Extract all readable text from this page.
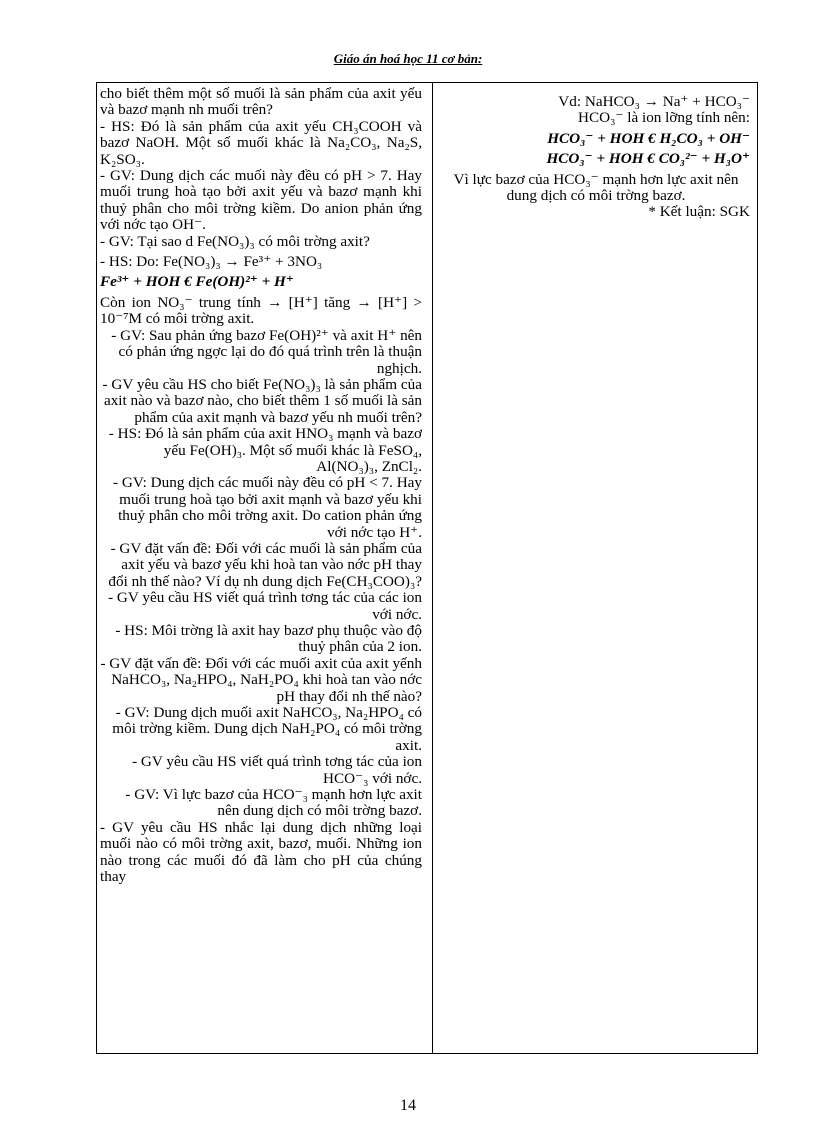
Giáo án hoá học 11 cơ bản:

cho biết thêm một số muối là sản phẩm của axit yếu và bazơ mạnh nh muối trên?

- HS: Đó là sản phẩm của axit yếu CH₃COOH và bazơ NaOH. Một số muối khác là Na₂CO₃, Na₂S, K₂SO₃.

- GV: Dung dịch các muối này đều có pH > 7. Hay muối trung hoà tạo bởi axit yếu và bazơ mạnh khi thuỷ phân cho môi trờng kiềm. Do anion phản ứng với nớc tạo OH⁻.

- GV: Tại sao d Fe(NO₃)₃ có môi trờng axit?

- HS: Do: Fe(NO₃)₃ → Fe³⁺ + 3NO₃

Fe³⁺ + HOH € Fe(OH)²⁺ + H⁺

Còn ion NO₃⁻ trung tính → [H⁺] tăng → [H⁺] > 10⁻⁷M có môi trờng axit.

- GV: Sau phản ứng bazơ Fe(OH)²⁺ và axit H⁺ nên có phản ứng ngợc lại do đó quá trình trên là thuận nghịch.

- GV yêu cầu HS cho biết Fe(NO₃)₃ là sản phẩm của axit nào và bazơ nào, cho biết thêm 1 số muối là sản phẩm của axit mạnh và bazơ yếu nh muối trên?

- HS: Đó là sản phẩm của axit HNO₃ mạnh và bazơ yếu Fe(OH)₃. Một số muối khác là FeSO₄, Al(NO₃)₃, ZnCl₂.

- GV: Dung dịch các muối này đều có pH < 7. Hay muối trung hoà tạo bởi axit mạnh và bazơ yếu khi thuỷ phân cho môi trờng axit. Do cation phản ứng với nớc tạo H⁺.

- GV đặt vấn đề: Đối với các muối là sản phẩm của axit yếu và bazơ yếu khi hoà tan vào nớc pH thay đổi nh thế nào? Ví dụ nh dung dịch Fe(CH₃COO)₃?

- GV yêu cầu HS viết quá trình tơng tác của các ion với nớc.

- HS: Môi trờng là axit hay bazơ phụ thuộc vào độ thuỷ phân của 2 ion.

- GV đặt vấn đề: Đối với các muối axit của axit yếnh NaHCO₃, Na₂HPO₄, NaH₂PO₄ khi hoà tan vào nớc pH thay đổi nh thế nào?

- GV: Dung dịch muối axit NaHCO₃, Na₂HPO₄ có môi trờng kiềm. Dung dịch NaH₂PO₄ có môi trờng axit.

- GV yêu cầu HS viết quá trình tơng tác của ion HCO⁻₃ với nớc.

- GV: Vì lực bazơ của HCO⁻₃ mạnh hơn lực axit nên dung dịch có môi trờng bazơ.

- GV yêu cầu HS nhắc lại dung dịch những loại muối nào có môi trờng axit, bazơ, muối. Những ion nào trong các muối đó đã làm cho pH của chúng thay

Vd: NaHCO₃ → Na⁺ + HCO₃⁻

HCO₃⁻ là ion lỡng tính nên:

HCO₃⁻ + HOH € H₂CO₃ + OH⁻

HCO₃⁻ + HOH € CO₃²⁻ + H₃O⁺

Vì lực bazơ của HCO₃⁻ mạnh hơn lực axit nên dung dịch có môi trờng bazơ.

* Kết luận: SGK

14
